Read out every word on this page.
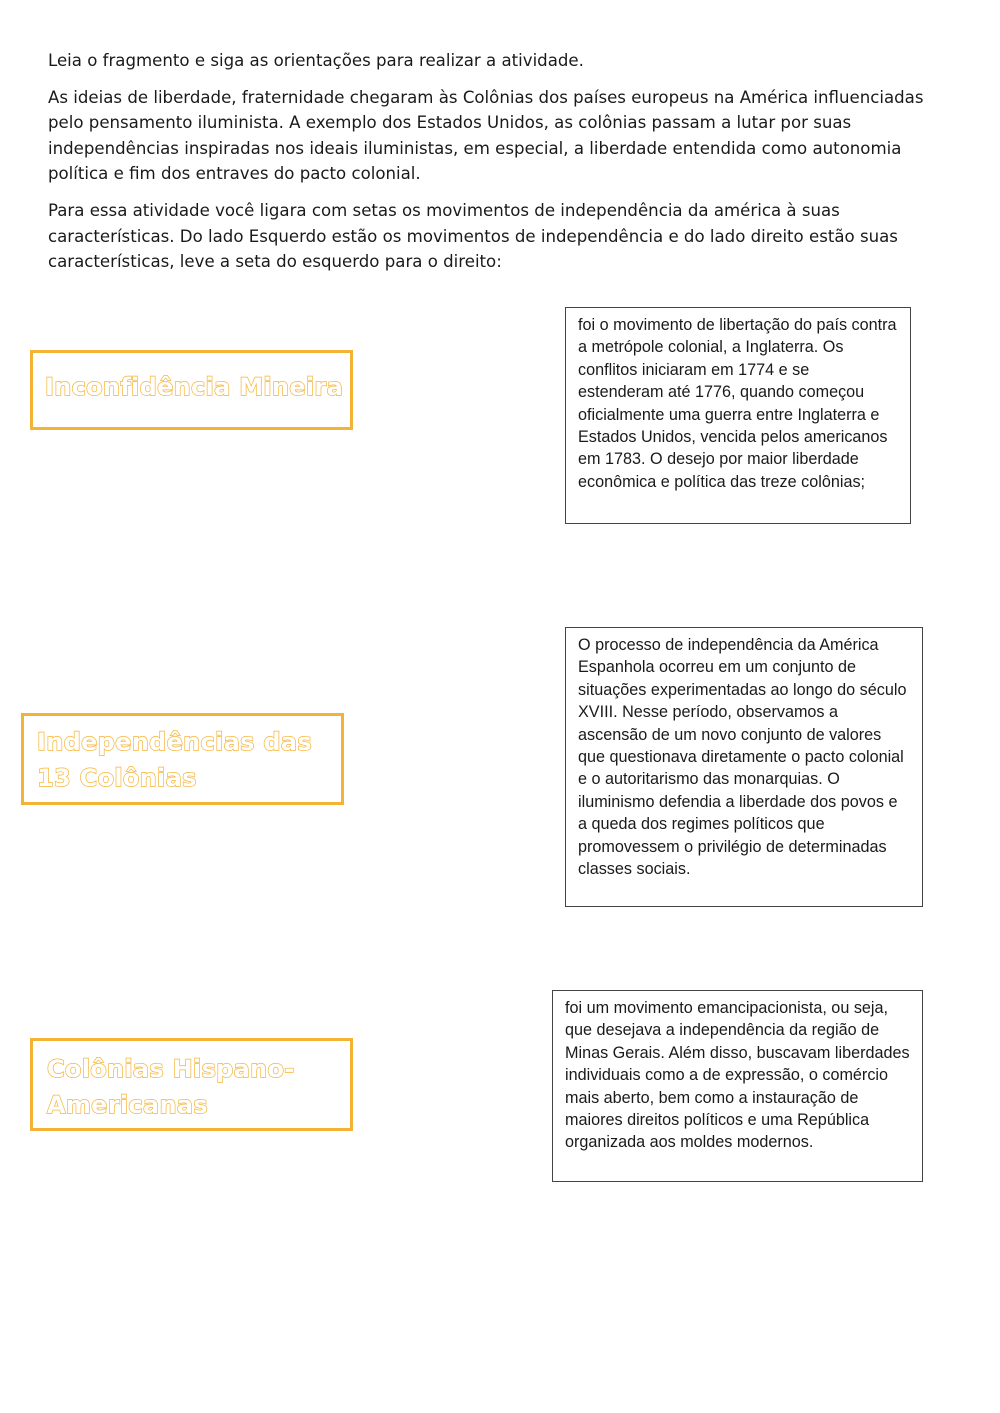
Leia o fragmento e siga as orientações para realizar a atividade.

As ideias de liberdade, fraternidade chegaram às Colônias dos países europeus na América influenciadas pelo pensamento iluminista. A exemplo dos Estados Unidos, as colônias passam a lutar por suas independências inspiradas nos ideais iluministas, em especial, a liberdade entendida como autonomia política e fim dos entraves do pacto colonial.

Para essa atividade você ligara com setas os movimentos de independência da américa à suas características. Do lado Esquerdo estão os movimentos de independência e do lado direito estão suas características, leve a seta do esquerdo para o direito:

Inconfidência Mineira
Independências das 13 Colônias
Colônias Hispano-Americanas
foi o movimento de libertação do país contra a metrópole colonial, a Inglaterra. Os conflitos iniciaram em 1774 e se estenderam até 1776, quando começou oficialmente uma guerra entre Inglaterra e Estados Unidos, vencida pelos americanos em 1783. O desejo por maior liberdade econômica e política das treze colônias;
O processo de independência da América Espanhola ocorreu em um conjunto de situações experimentadas ao longo do século XVIII. Nesse período, observamos a ascensão de um novo conjunto de valores que questionava diretamente o pacto colonial e o autoritarismo das monarquias. O iluminismo defendia a liberdade dos povos e a queda dos regimes políticos que promovessem o privilégio de determinadas classes sociais.
foi um movimento emancipacionista, ou seja, que desejava a independência da região de Minas Gerais. Além disso, buscavam liberdades individuais como a de expressão, o comércio mais aberto, bem como a instauração de maiores direitos políticos e uma República organizada aos moldes modernos.
